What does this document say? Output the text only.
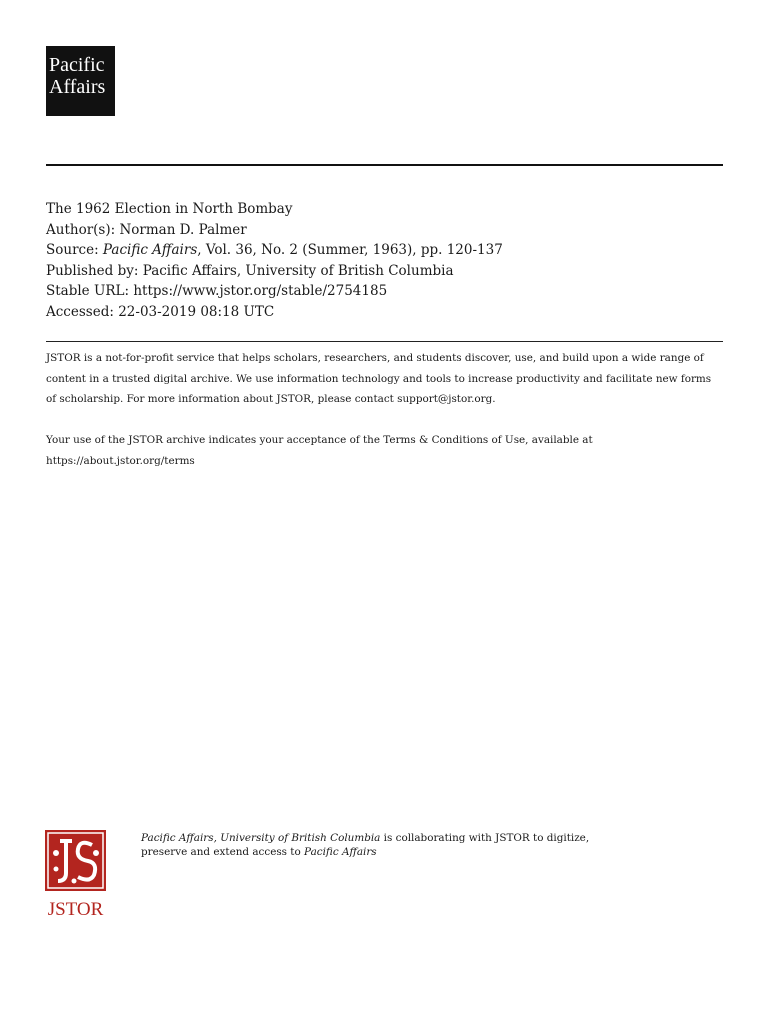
Pacific
Affairs
The 1962 Election in North Bombay
Author(s): Norman D. Palmer
Source: Pacific Affairs, Vol. 36, No. 2 (Summer, 1963), pp. 120-137
Published by: Pacific Affairs, University of British Columbia
Stable URL: https://www.jstor.org/stable/2754185
Accessed: 22-03-2019 08:18 UTC

JSTOR is a not-for-profit service that helps scholars, researchers, and students discover, use, and build upon a wide range of content in a trusted digital archive. We use information technology and tools to increase productivity and facilitate new forms of scholarship. For more information about JSTOR, please contact support@jstor.org.

Your use of the JSTOR archive indicates your acceptance of the Terms & Conditions of Use, available at
https://about.jstor.org/terms

JSTOR

Pacific Affairs, University of British Columbia is collaborating with JSTOR to digitize,
preserve and extend access to Pacific Affairs
